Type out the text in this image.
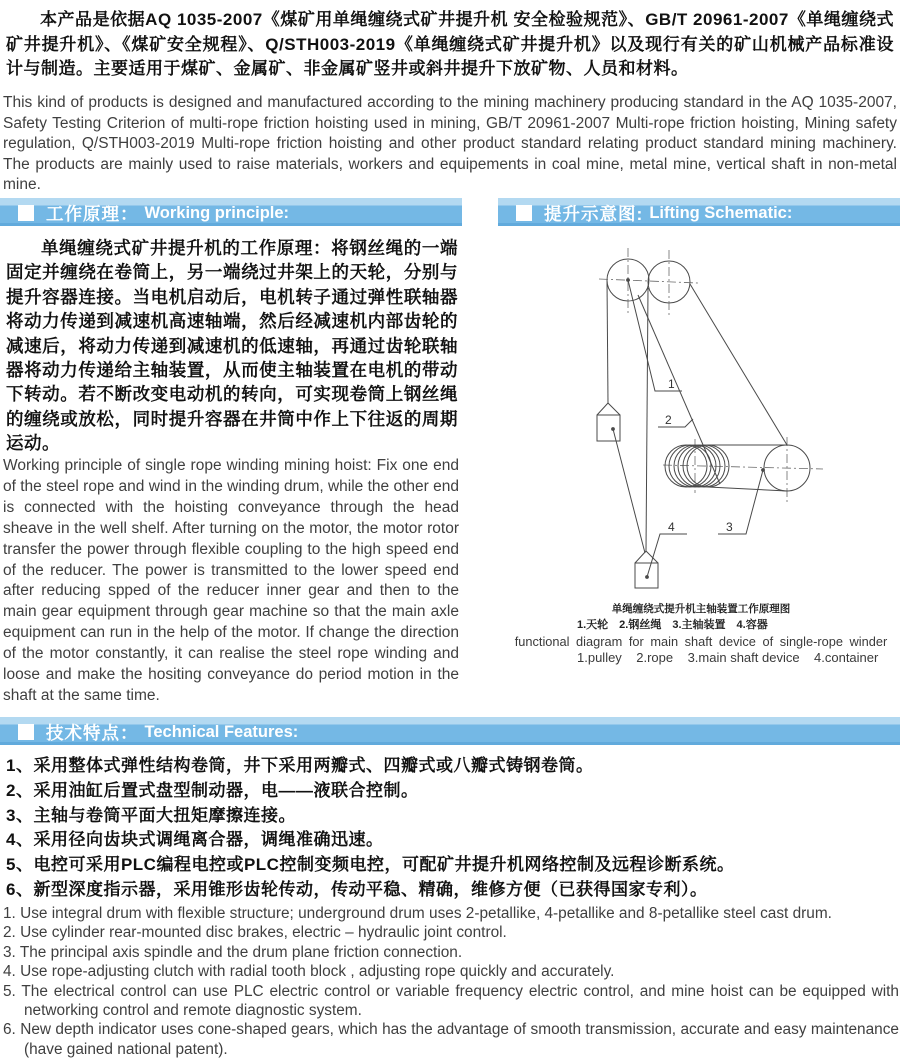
本产品是依据AQ 1035-2007《煤矿用单绳缠绕式矿井提升机 安全检验规范》、GB/T 20961-2007《单绳缠绕式矿井提升机》、《煤矿安全规程》、Q/STH003-2019《单绳缠绕式矿井提升机》以及现行有关的矿山机械产品标准设计与制造。主要适用于煤矿、金属矿、非金属矿竖井或斜井提升下放矿物、人员和材料。

This kind of products is designed and manufactured according to the mining machinery producing standard in the AQ 1035-2007, Safety Testing Criterion of multi-rope friction hoisting used in mining, GB/T 20961-2007 Multi-rope friction hoisting, Mining safety regulation, Q/STH003-2019 Multi-rope friction hoisting and other product standard relating product standard mining machinery. The products are mainly used to raise materials, workers and equipements in coal mine, metal mine, vertical shaft in non-metal mine.

工作原理： Working principle:	提升示意图: Lifting Schematic:

单绳缠绕式矿井提升机的工作原理：将钢丝绳的一端固定并缠绕在卷筒上，另一端绕过井架上的天轮，分别与提升容器连接。当电机启动后，电机转子通过弹性联轴器将动力传递到减速机高速轴端，然后经减速机内部齿轮的减速后，将动力传递到减速机的低速轴，再通过齿轮联轴器将动力传递给主轴装置，从而使主轴装置在电机的带动下转动。若不断改变电动机的转向，可实现卷筒上钢丝绳的缠绕或放松，同时提升容器在井筒中作上下往返的周期运动。

Working principle of single rope winding mining hoist: Fix one end of the steel rope and wind in the winding drum, while the other end is connected with the hoisting conveyance through the head sheave in the well shelf. After turning on the motor, the motor rotor transfer the power through flexible coupling to the high speed end of the reducer. The power is transmitted to the lower speed end after reducing spped of the reducer inner gear and then to the main gear equipment through gear machine so that the main axle equipment can run in the help of the motor. If change the direction of the motor constantly, it can realise the steel rope winding and loose and make the hositing conveyance do period motion in the shaft at the same time.

1
2
3
4
单绳缠绕式提升机主轴装置工作原理图
1.天轮　2.钢丝绳　3.主轴装置　4.容器
functional diagram for main shaft device of single-rope winder
1.pulley    2.rope    3.main shaft device    4.container
技术特点： Technical Features:
1、采用整体式弹性结构卷筒，井下采用两瓣式、四瓣式或八瓣式铸钢卷筒。
2、采用油缸后置式盘型制动器，电——液联合控制。
3、主轴与卷筒平面大扭矩摩擦连接。
4、采用径向齿块式调绳离合器，调绳准确迅速。
5、电控可采用PLC编程电控或PLC控制变频电控，可配矿井提升机网络控制及远程诊断系统。
6、新型深度指示器，采用锥形齿轮传动，传动平稳、精确，维修方便（已获得国家专利）。
1. Use integral drum with flexible structure; underground drum uses 2-petallike, 4-petallike and 8-petallike steel cast drum.
2. Use cylinder rear-mounted disc brakes, electric – hydraulic joint control.
3. The principal axis spindle and the drum plane friction connection.
4. Use rope-adjusting clutch with radial tooth block , adjusting rope quickly and accurately.
5. The electrical control can use PLC electric control or variable frequency electric control, and mine hoist can be equipped with networking control and remote diagnostic system.
6. New depth indicator uses cone-shaped gears, which has the advantage of smooth transmission, accurate and easy maintenance (have gained national patent).
